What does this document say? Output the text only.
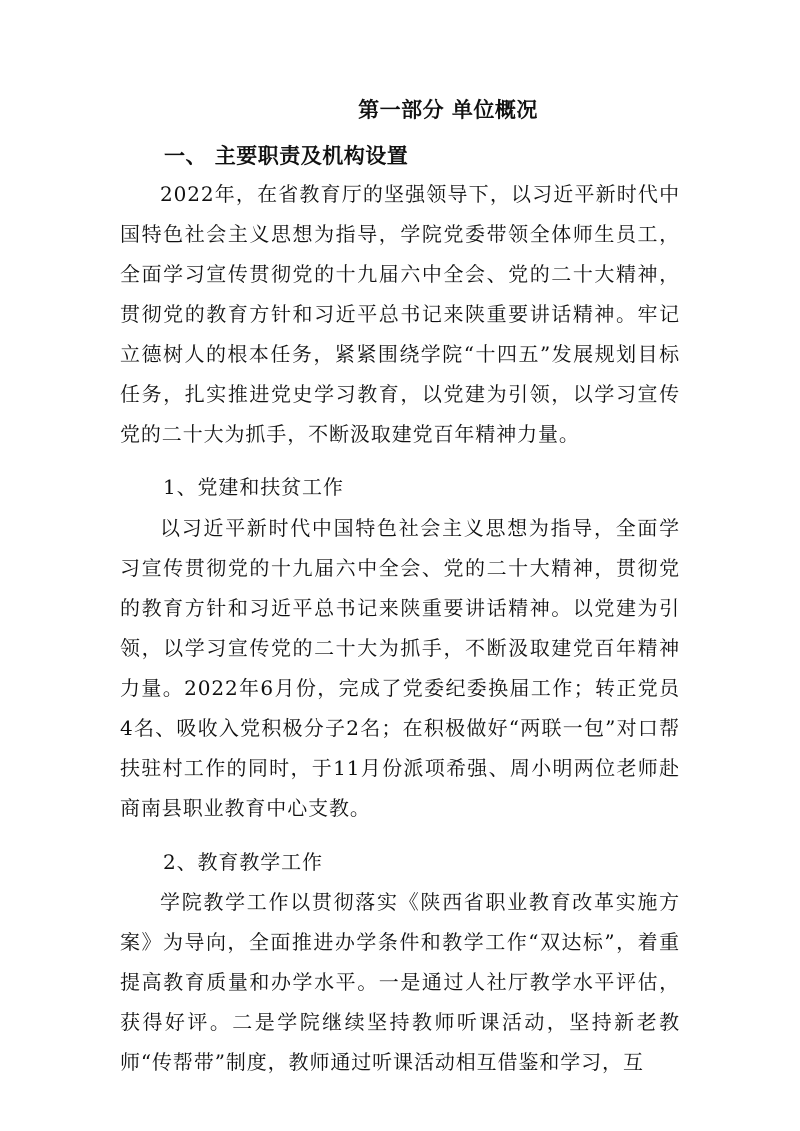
第一部分 单位概况
一、 主要职责及机构设置

2022年，在省教育厅的坚强领导下，以习近平新时代中国特色社会主义思想为指导，学院党委带领全体师生员工，全面学习宣传贯彻党的十九届六中全会、党的二十大精神，贯彻党的教育方针和习近平总书记来陕重要讲话精神。牢记立德树人的根本任务，紧紧围绕学院“十四五”发展规划目标任务，扎实推进党史学习教育，以党建为引领，以学习宣传党的二十大为抓手，不断汲取建党百年精神力量。

1、党建和扶贫工作

以习近平新时代中国特色社会主义思想为指导，全面学习宣传贯彻党的十九届六中全会、党的二十大精神，贯彻党的教育方针和习近平总书记来陕重要讲话精神。以党建为引领，以学习宣传党的二十大为抓手，不断汲取建党百年精神力量。2022年6月份，完成了党委纪委换届工作；转正党员4名、吸收入党积极分子2名；在积极做好“两联一包”对口帮扶驻村工作的同时，于11月份派项希强、周小明两位老师赴商南县职业教育中心支教。

2、教育教学工作

学院教学工作以贯彻落实《陕西省职业教育改革实施方案》为导向，全面推进办学条件和教学工作“双达标”，着重提高教育质量和办学水平。一是通过人社厅教学水平评估，获得好评。二是学院继续坚持教师听课活动，坚持新老教师“传帮带”制度，教师通过听课活动相互借鉴和学习，互
